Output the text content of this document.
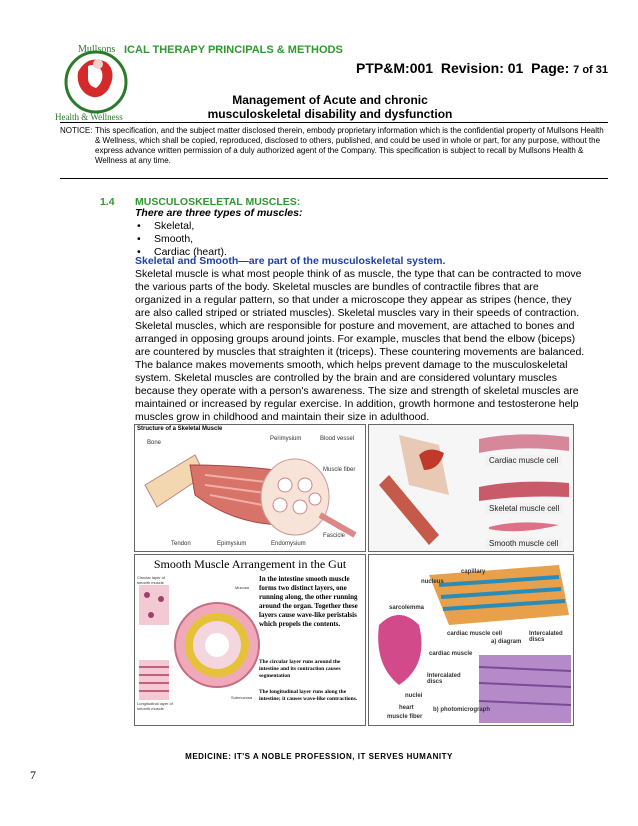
Mullsons
Health & Wellness
ICAL THERAPY PRINCIPALS & METHODS
PTP&M:001 Revision: 01 Page: 7 of 31
Management of Acute and chronic
musculoskeletal disability and dysfunction
NOTICE: This specification, and the subject matter disclosed therein, embody proprietary information which is the confidential property of Mullsons Health & Wellness, which shall be copied, reproduced, disclosed to others, published, and could be used in whole or part, for any purpose, without the express advance written permission of a duly authorized agent of the Company. This specification is subject to recall by Mullsons Health & Wellness at any time.
1.4 MUSCULOSKELETAL MUSCLES:
There are three types of muscles:
• Skeletal,
• Smooth,
• Cardiac (heart).
Skeletal and Smooth—are part of the musculoskeletal system.
Skeletal muscle is what most people think of as muscle, the type that can be contracted to move the various parts of the body. Skeletal muscles are bundles of contractile fibres that are organized in a regular pattern, so that under a microscope they appear as stripes (hence, they are also called striped or striated muscles). Skeletal muscles vary in their speeds of contraction. Skeletal muscles, which are responsible for posture and movement, are attached to bones and arranged in opposing groups around joints. For example, muscles that bend the elbow (biceps) are countered by muscles that straighten it (triceps). These countering movements are balanced. The balance makes movements smooth, which helps prevent damage to the musculoskeletal system. Skeletal muscles are controlled by the brain and are considered voluntary muscles because they operate with a person's awareness. The size and strength of skeletal muscles are maintained or increased by regular exercise. In addition, growth hormone and testosterone help muscles grow in childhood and maintain their size in adulthood.
Structure of a Skeletal Muscle
Bone
Perimysium	Blood vessel
Muscle fiber
Fascicle
Tendon	Epimysium	Endomysium
Cardiac muscle cell
Skeletal muscle cell
Smooth muscle cell
Smooth Muscle Arrangement in the Gut
In the intestine smooth muscle forms two distinct layers, one running along, the other running around the organ. Together these layers cause wave-like peristalsis which propels the contents.
The circular layer runs around the intestine and its contraction causes segmentation
The longitudinal layer runs along the intestine; it causes wave-like contractions.
Circular layer of smooth muscle
Mucosa
Submucosa
Longitudinal layer of smooth muscle
capillary
nucleus
sarcolemma
cardiac muscle cell
a) diagram
Intercalated discs
cardiac muscle
Intercalated discs
nuclei
heart
muscle fiber
b) photomicrograph
MEDICINE: IT'S A NOBLE PROFESSION, IT SERVES HUMANITY
7
